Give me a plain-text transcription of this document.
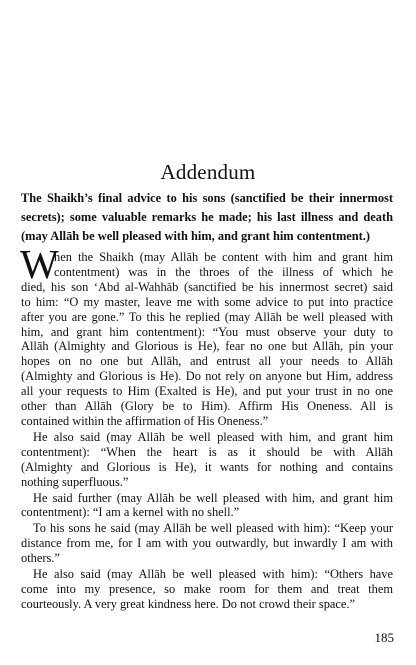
Addendum
The Shaikh’s final advice to his sons (sanctified be their innermost
secrets); some valuable remarks he made; his last illness and death
(may Allāh be well pleased with him, and grant him contentment.)
W
hen the Shaikh (may Allāh be content with him and grant him
contentment) was in the throes of the illness of which he
died, his son ‘Abd al-Wahhāb (sanctified be his innermost secret) said
to him: “O my master, leave me with some advice to put into practice
after you are gone.” To this he replied (may Allāh be well pleased with
him, and grant him contentment): “You must observe your duty to
Allāh (Almighty and Glorious is He), fear no one but Allāh, pin your
hopes on no one but Allāh, and entrust all your needs to Allāh
(Almighty and Glorious is He). Do not rely on anyone but Him, address
all your requests to Him (Exalted is He), and put your trust in no one
other than Allāh (Glory be to Him). Affirm His Oneness. All is
contained within the affirmation of His Oneness.”
He also said (may Allāh be well pleased with him, and grant him
contentment): “When the heart is as it should be with Allāh
(Almighty and Glorious is He), it wants for nothing and contains
nothing superfluous.”
He said further (may Allāh be well pleased with him, and grant him
contentment): “I am a kernel with no shell.”
To his sons he said (may Allāh be well pleased with him): “Keep your
distance from me, for I am with you outwardly, but inwardly I am with
others.”
He also said (may Allāh be well pleased with him): “Others have
come into my presence, so make room for them and treat them
courteously. A very great kindness here. Do not crowd their space.”
185
